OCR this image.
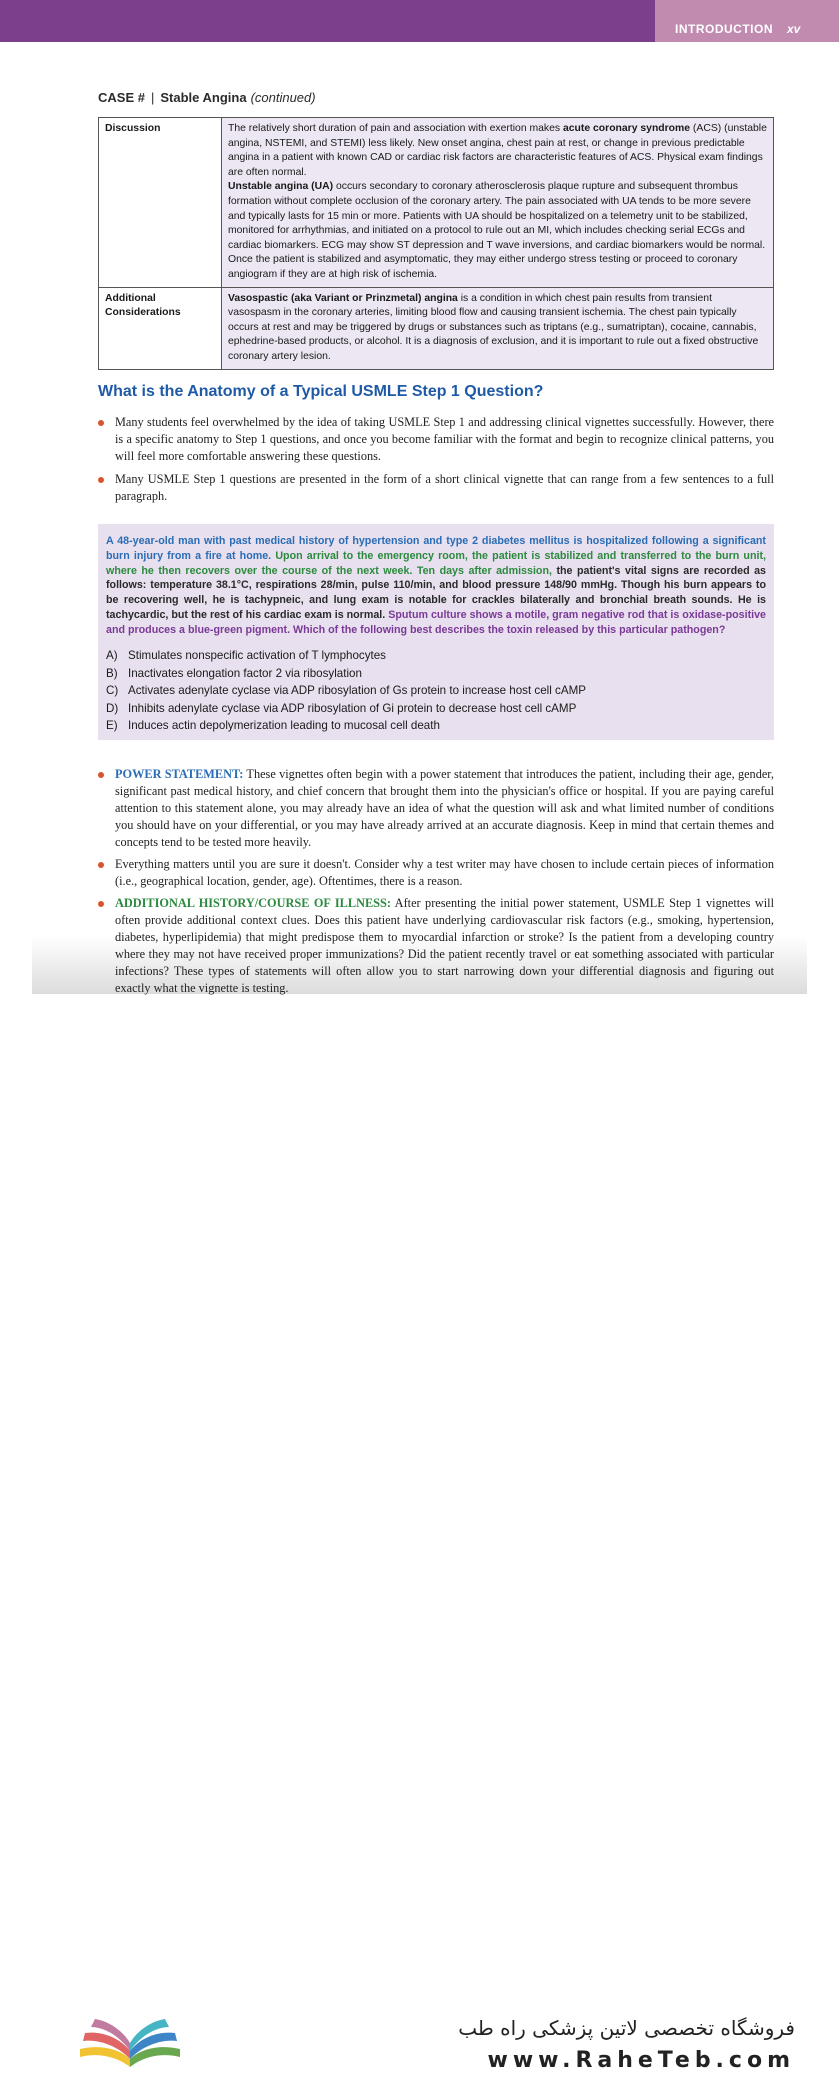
INTRODUCTION xv
CASE # | Stable Angina (continued)
Discussion	The relatively short duration of pain and association with exertion makes acute coronary syndrome (ACS) (unstable angina, NSTEMI, and STEMI) less likely. New onset angina, chest pain at rest, or change in previous predictable angina in a patient with known CAD or cardiac risk factors are characteristic features of ACS. Physical exam findings are often normal.
Unstable angina (UA) occurs secondary to coronary atherosclerosis plaque rupture and subsequent thrombus formation without complete occlusion of the coronary artery. The pain associated with UA tends to be more severe and typically lasts for 15 min or more. Patients with UA should be hospitalized on a telemetry unit to be stabilized, monitored for arrhythmias, and initiated on a protocol to rule out an MI, which includes checking serial ECGs and cardiac biomarkers. ECG may show ST depression and T wave inversions, and cardiac biomarkers would be normal. Once the patient is stabilized and asymptomatic, they may either undergo stress testing or proceed to coronary angiogram if they are at high risk of ischemia.
Additional Considerations	Vasospastic (aka Variant or Prinzmetal) angina is a condition in which chest pain results from transient vasospasm in the coronary arteries, limiting blood flow and causing transient ischemia. The chest pain typically occurs at rest and may be triggered by drugs or substances such as triptans (e.g., sumatriptan), cocaine, cannabis, ephedrine-based products, or alcohol. It is a diagnosis of exclusion, and it is important to rule out a fixed obstructive coronary artery lesion.
What is the Anatomy of a Typical USMLE Step 1 Question?
Many students feel overwhelmed by the idea of taking USMLE Step 1 and addressing clinical vignettes successfully. However, there is a specific anatomy to Step 1 questions, and once you become familiar with the format and begin to recognize clinical patterns, you will feel more comfortable answering these questions.
Many USMLE Step 1 questions are presented in the form of a short clinical vignette that can range from a few sentences to a full paragraph.
A 48-year-old man with past medical history of hypertension and type 2 diabetes mellitus is hospitalized following a significant burn injury from a fire at home. Upon arrival to the emergency room, the patient is stabilized and transferred to the burn unit, where he then recovers over the course of the next week. Ten days after admission, the patient's vital signs are recorded as follows: temperature 38.1°C, respirations 28/min, pulse 110/min, and blood pressure 148/90 mmHg. Though his burn appears to be recovering well, he is tachypneic, and lung exam is notable for crackles bilaterally and bronchial breath sounds. He is tachycardic, but the rest of his cardiac exam is normal. Sputum culture shows a motile, gram negative rod that is oxidase-positive and produces a blue-green pigment. Which of the following best describes the toxin released by this particular pathogen?
A) Stimulates nonspecific activation of T lymphocytes
B) Inactivates elongation factor 2 via ribosylation
C) Activates adenylate cyclase via ADP ribosylation of Gs protein to increase host cell cAMP
D) Inhibits adenylate cyclase via ADP ribosylation of Gi protein to decrease host cell cAMP
E) Induces actin depolymerization leading to mucosal cell death
POWER STATEMENT: These vignettes often begin with a power statement that introduces the patient, including their age, gender, significant past medical history, and chief concern that brought them into the physician's office or hospital. If you are paying careful attention to this statement alone, you may already have an idea of what the question will ask and what limited number of conditions you should have on your differential, or you may have already arrived at an accurate diagnosis. Keep in mind that certain themes and concepts tend to be tested more heavily.
Everything matters until you are sure it doesn't. Consider why a test writer may have chosen to include certain pieces of information (i.e., geographical location, gender, age). Oftentimes, there is a reason.
ADDITIONAL HISTORY/COURSE OF ILLNESS: After presenting the initial power statement, USMLE Step 1 vignettes will often provide additional context clues. Does this patient have underlying cardiovascular risk factors (e.g., smoking, hypertension, diabetes, hyperlipidemia) that might predispose them to myocardial infarction or stroke? Is the patient from a developing country where they may not have received proper immunizations? Did the patient recently travel or eat something associated with particular infections? These types of statements will often allow you to start narrowing down your differential diagnosis and figuring out exactly what the vignette is testing.
فروشگاه تخصصی لاتین پزشکی راه طب
www.RaheTeb.com
